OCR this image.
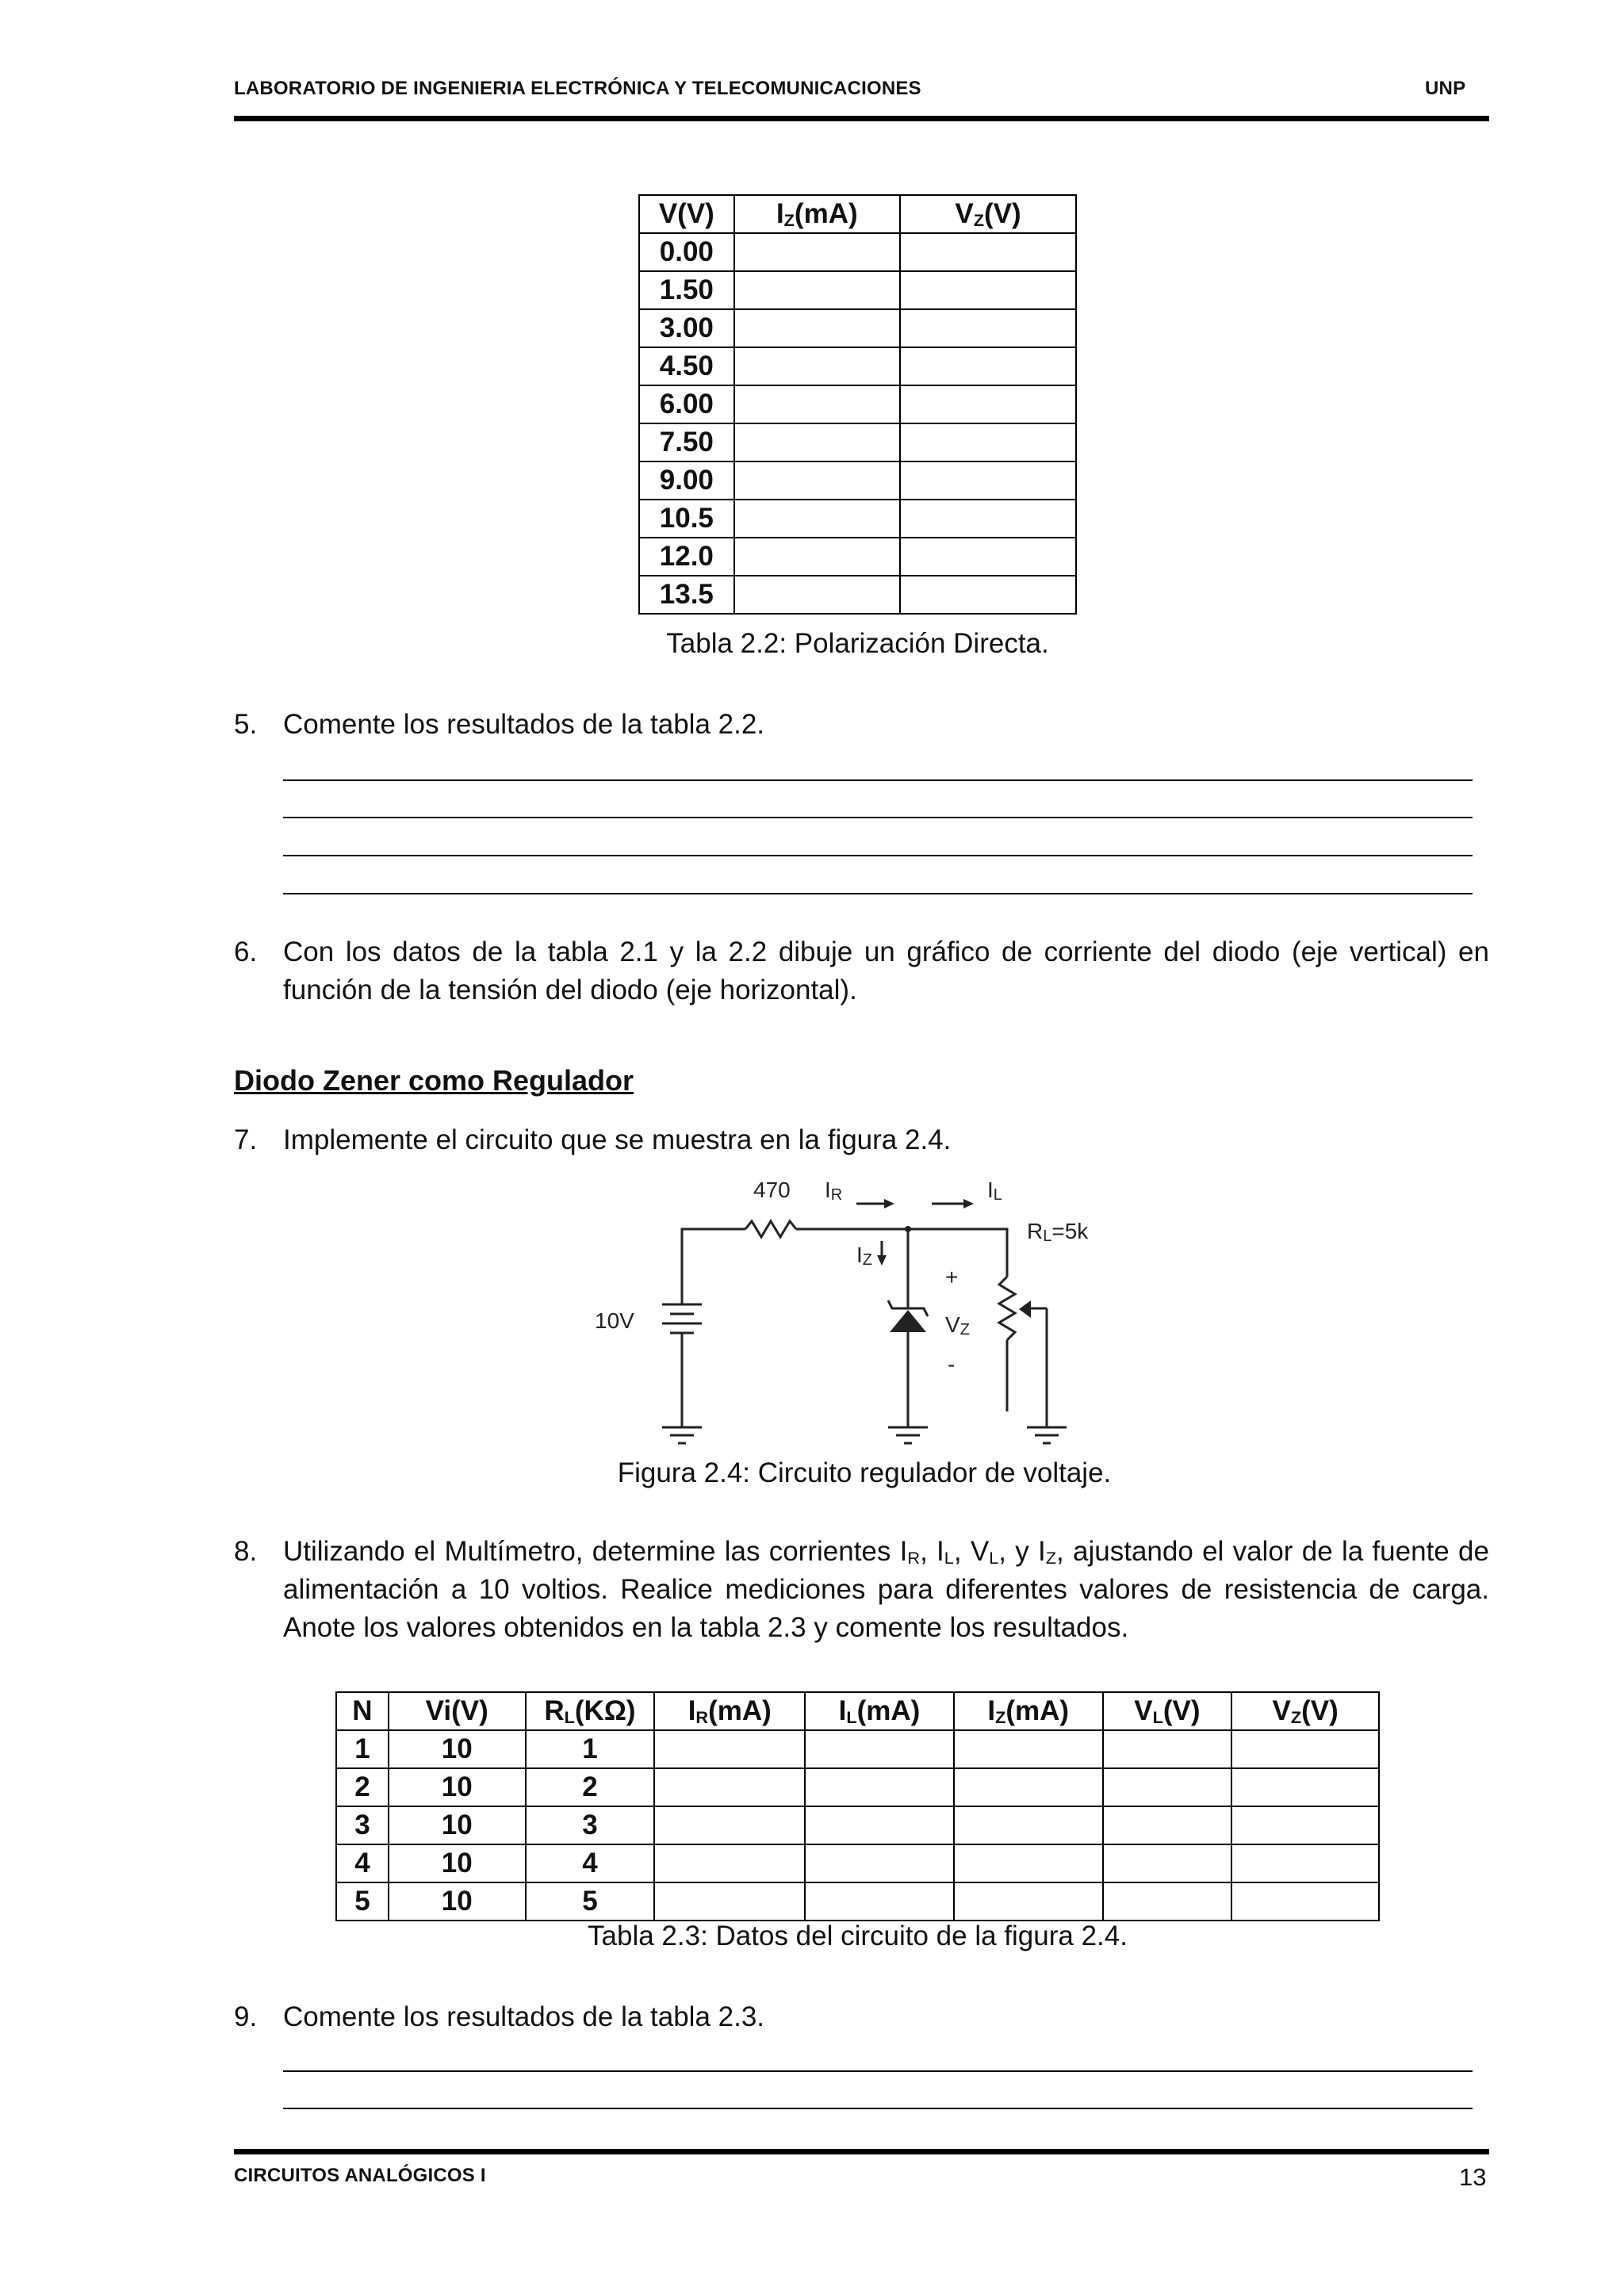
LABORATORIO DE INGENIERIA ELECTRÓNICA Y TELECOMUNICACIONES	UNP
V(V)	$I_Z(mA)$	$V_Z(V)$
0.00		
1.50		
3.00		
4.50		
6.00		
7.50		
9.00		
10.5		
12.0		
13.5		
Tabla 2.2: Polarización Directa.
5. Comente los resultados de la tabla 2.2.
6. Con los datos de la tabla 2.1 y la 2.2 dibuje un gráfico de corriente del diodo (eje vertical) en función de la tensión del diodo (eje horizontal).
Diodo Zener como Regulador
7. Implemente el circuito que se muestra en la figura 2.4.
470 IR	IL
RL=5k
IZ
+
VZ
-
10V
Figura 2.4: Circuito regulador de voltaje.
8. Utilizando el Multímetro, determine las corrientes $I_R$, $I_L$, $V_L$, y $I_Z$, ajustando el valor de la fuente de alimentación a 10 voltios. Realice mediciones para diferentes valores de resistencia de carga. Anote los valores obtenidos en la tabla 2.3 y comente los resultados.
N	Vi(V)	$R_L(K\Omega)$	$I_R(mA)$	$I_L(mA)$	$I_Z(mA)$	$V_L(V)$	$V_Z(V)$
1	10	1					
2	10	2					
3	10	3					
4	10	4					
5	10	5					
Tabla 2.3: Datos del circuito de la figura 2.4.
9. Comente los resultados de la tabla 2.3.
CIRCUITOS ANALÓGICOS I	13
